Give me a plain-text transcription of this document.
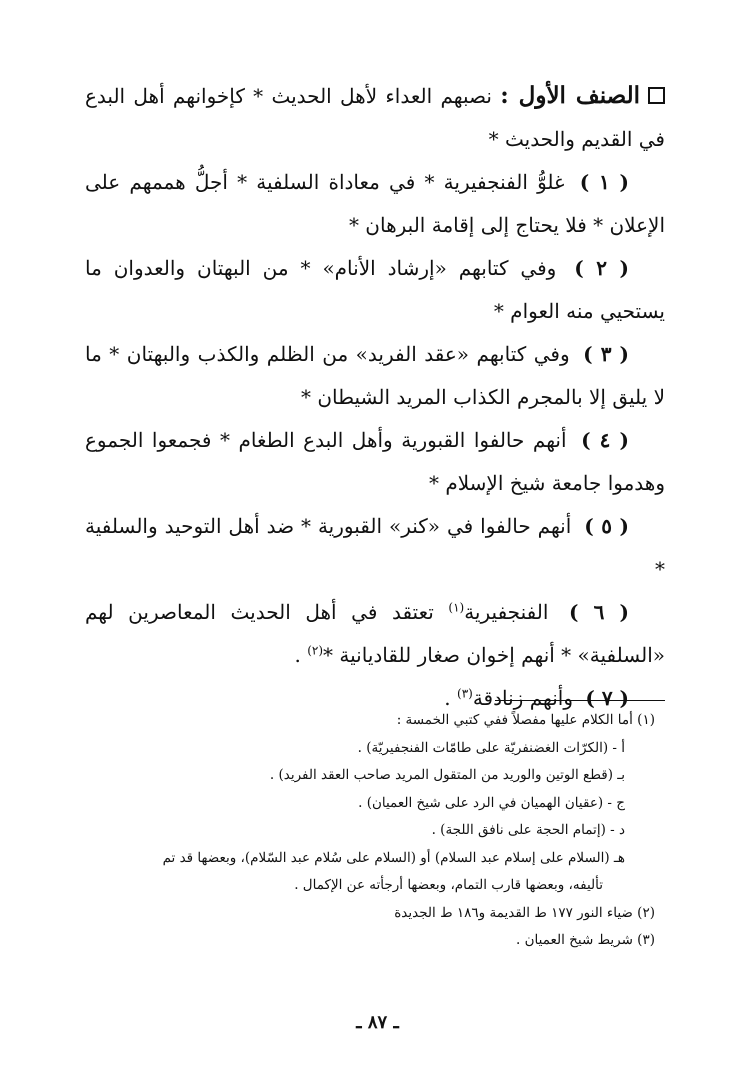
الصنف الأول : نصبهم العداء لأهل الحديث * كإخوانهم أهل البدع في القديم والحديث *

( ١ ) غلوُّ الفنجفيرية * في معاداة السلفية * أجلُّ هممهم على الإعلان * فلا يحتاج إلى إقامة البرهان *

( ٢ ) وفي كتابهم «إرشاد الأنام» * من البهتان والعدوان ما يستحيي منه العوام *

( ٣ ) وفي كتابهم «عقد الفريد» من الظلم والكذب والبهتان * ما لا يليق إلا بالمجرم الكذاب المريد الشيطان *

( ٤ ) أنهم حالفوا القبورية وأهل البدع الطغام * فجمعوا الجموع وهدموا جامعة شيخ الإسلام *

( ٥ ) أنهم حالفوا في «كنر» القبورية * ضد أهل التوحيد والسلفية *

( ٦ ) الفنجفيرية$^{(١)}$ تعتقد في أهل الحديث المعاصرين لهم «السلفية» * أنهم إخوان صغار للقاديانية *$^{(٢)}$ .

( ٧ ) وأنهم زنادقة$^{(٣)}$ .

(١) أما الكلام عليها مفصلاً ففي كتبي الخمسة :

أ - (الكرّات الغضنفريّة على طامّات الفنجفيريّة) .

بـ (قطع الوتين والوريد من المتقول المريد صاحب العقد الفريد) .

ج - (عقيان الهميان في الرد على شيخ العميان) .

د - (إتمام الحجة على نافق اللجة) .

هـ (السلام على إسلام عبد السلام) أو (السلام على سُلام عبد السّلام)، وبعضها قد تم

تأليفه، وبعضها قارب التمام، وبعضها أرجأته عن الإكمال .

(٢) ضياء النور ١٧٧ ط القديمة و١٨٦ ط الجديدة

(٣) شريط شيخ العميان .

ـ ٨٧ ـ
